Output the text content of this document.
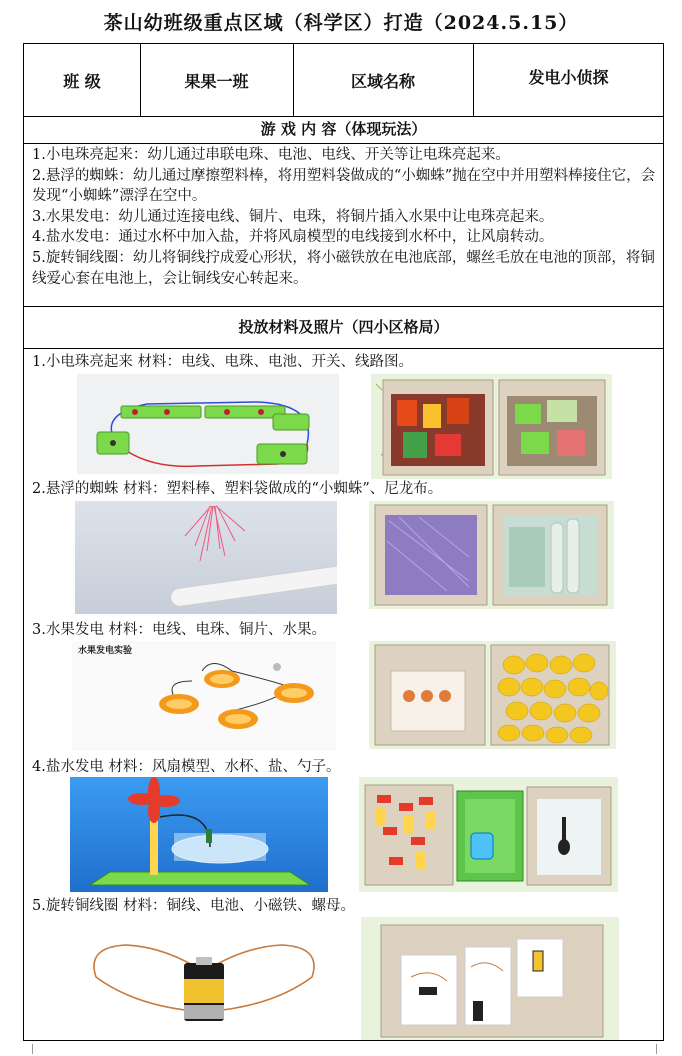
茶山幼班级重点区域（科学区）打造（2024.5.15）
班 级	果果一班	区域名称	发电小侦探
游 戏 内 容（体现玩法）

1.小电珠亮起来：幼儿通过串联电珠、电池、电线、开关等让电珠亮起来。

2.悬浮的蜘蛛：幼儿通过摩擦塑料棒，将用塑料袋做成的“小蜘蛛”抛在空中并用塑料棒接住它，会发现“小蜘蛛”漂浮在空中。

3.水果发电：幼儿通过连接电线、铜片、电珠，将铜片插入水果中让电珠亮起来。

4.盐水发电：通过水杯中加入盐，并将风扇模型的电线接到水杯中，让风扇转动。

5.旋转铜线圈：幼儿将铜线拧成爱心形状，将小磁铁放在电池底部，螺丝毛放在电池的顶部，将铜线爱心套在电池上，会让铜线安心转起来。

投放材料及照片（四小区格局）
1.小电珠亮起来 材料：电线、电珠、电池、开关、线路图。
2.悬浮的蜘蛛 材料：塑料棒、塑料袋做成的“小蜘蛛”、尼龙布。
3.水果发电 材料：电线、电珠、铜片、水果。
4.盐水发电 材料：风扇模型、水杯、盐、勺子。
5.旋转铜线圈 材料：铜线、电池、小磁铁、螺母。
水果发电实验
